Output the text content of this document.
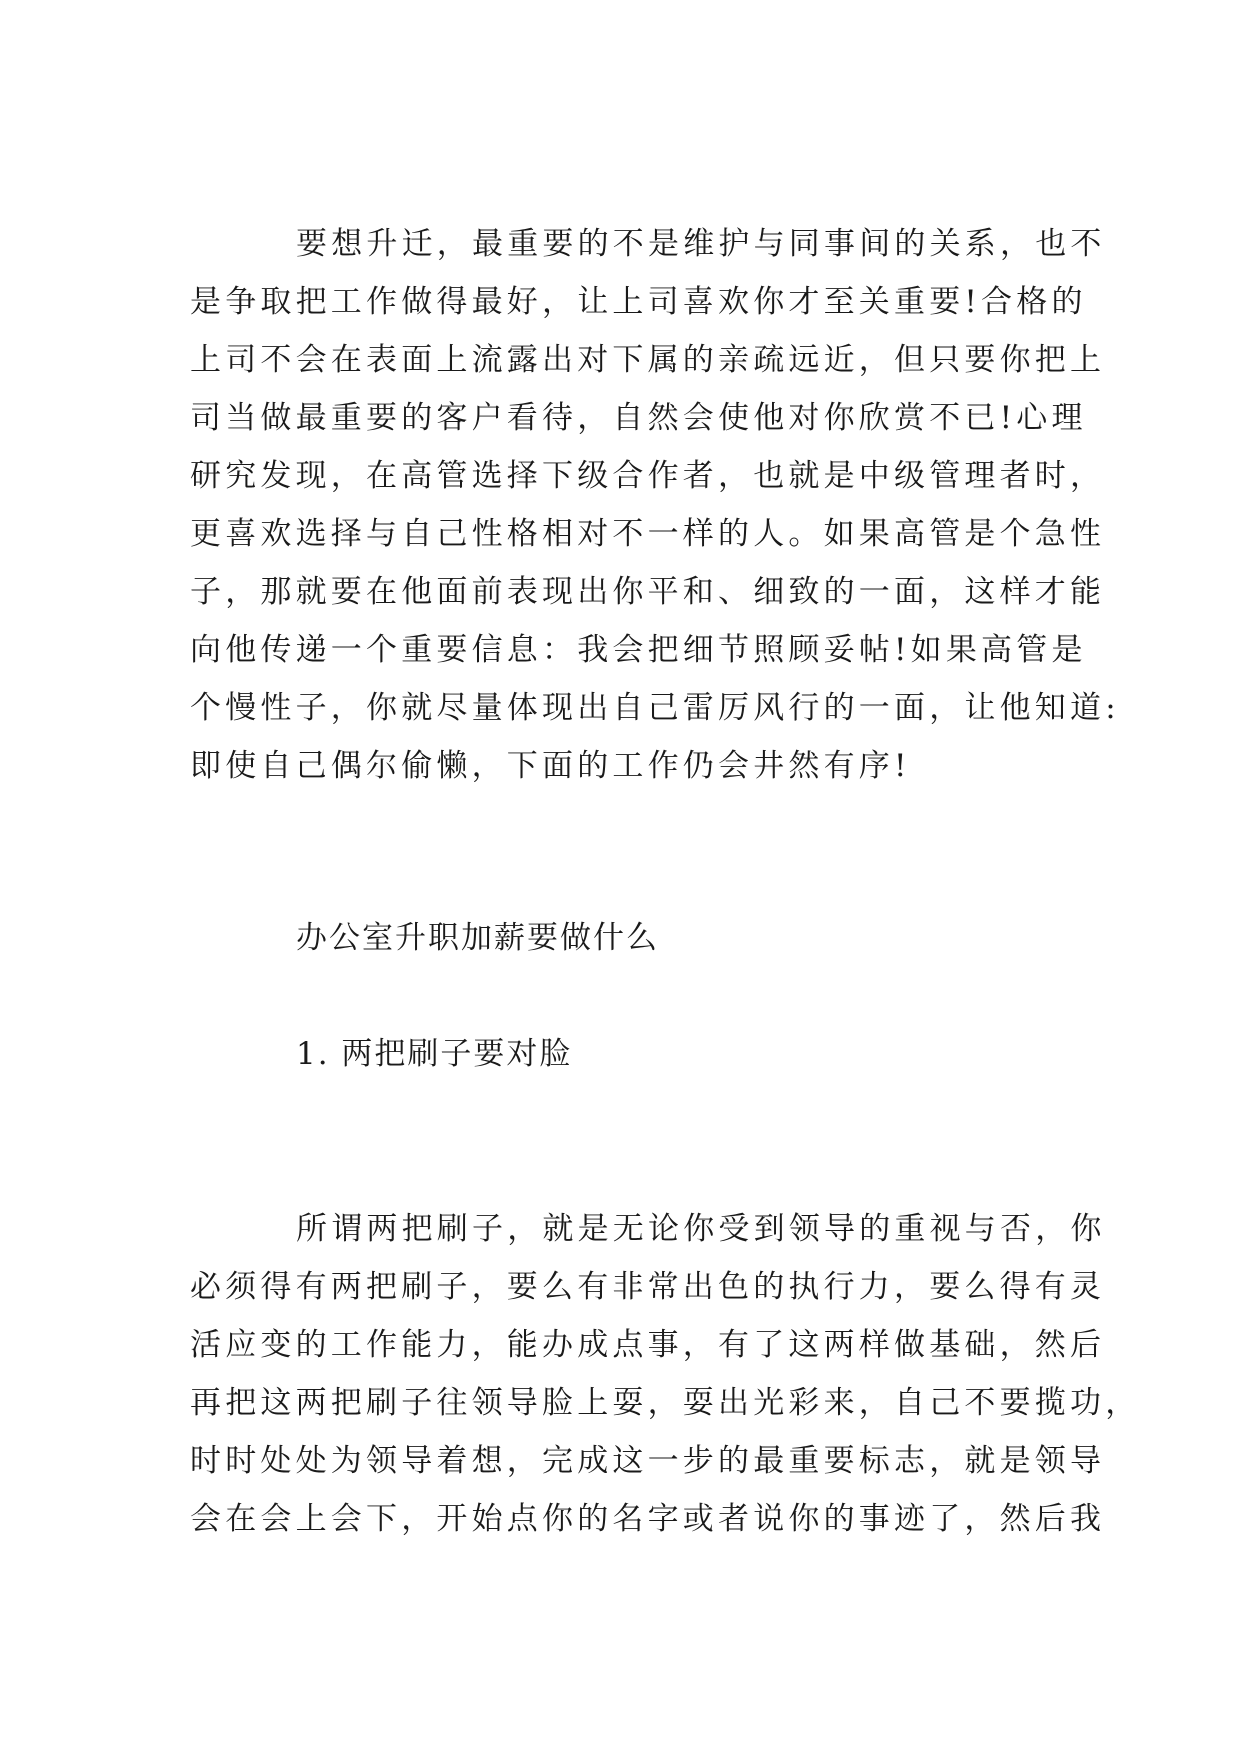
要想升迁，最重要的不是维护与同事间的关系，也不

是争取把工作做得最好，让上司喜欢你才至关重要!合格的

上司不会在表面上流露出对下属的亲疏远近，但只要你把上

司当做最重要的客户看待，自然会使他对你欣赏不已!心理

研究发现，在高管选择下级合作者，也就是中级管理者时，

更喜欢选择与自己性格相对不一样的人。如果高管是个急性

子，那就要在他面前表现出你平和、细致的一面，这样才能

向他传递一个重要信息：我会把细节照顾妥帖!如果高管是

个慢性子，你就尽量体现出自己雷厉风行的一面，让他知道:

即使自己偶尔偷懒，下面的工作仍会井然有序!

办公室升职加薪要做什么
1. 两把刷子要对脸

所谓两把刷子，就是无论你受到领导的重视与否，你

必须得有两把刷子，要么有非常出色的执行力，要么得有灵

活应变的工作能力，能办成点事，有了这两样做基础，然后

再把这两把刷子往领导脸上耍，耍出光彩来，自己不要揽功，

时时处处为领导着想，完成这一步的最重要标志，就是领导

会在会上会下，开始点你的名字或者说你的事迹了，然后我
